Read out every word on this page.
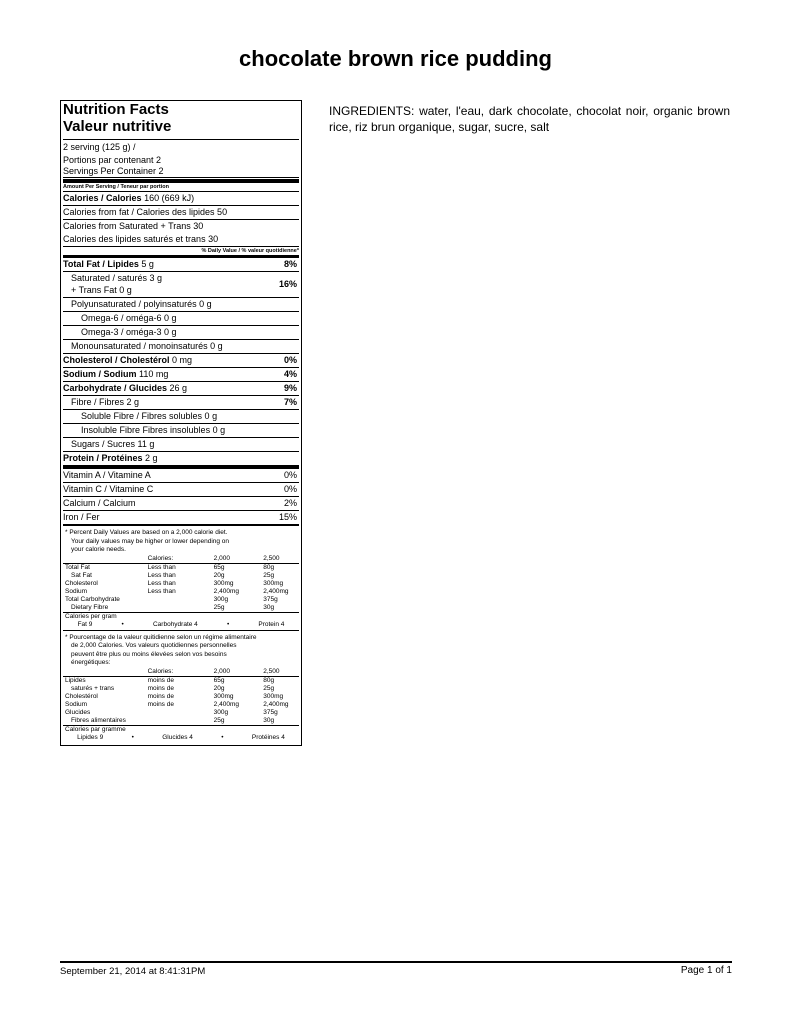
chocolate brown rice pudding
Nutrition Facts
Valeur nutritive
2 serving (125 g) /
Portions par contenant 2
Servings Per Container 2
Amount Per Serving / Teneur par portion
Calories / Calories 160 (669 kJ)
Calories from fat / Calories des lipides 50
Calories from Saturated + Trans 30
Calories des lipides saturés et trans 30
% Daily Value / % valeur quotidienne*
Total Fat / Lipides 5 g	8%
Saturated / saturés 3 g
+ Trans Fat 0 g
16%
Polyunsaturated / polyinsaturés 0 g
Omega-6 / oméga-6 0 g
Omega-3 / oméga-3 0 g
Monounsaturated / monoinsaturés 0 g
Cholesterol / Cholestérol 0 mg	0%
Sodium / Sodium 110 mg	4%
Carbohydrate / Glucides 26 g	9%
Fibre / Fibres 2 g	7%
Soluble Fibre / Fibres solubles 0 g
Insoluble Fibre Fibres insolubles 0 g
Sugars / Sucres 11 g
Protein / Protéines 2 g
Vitamin A / Vitamine A	0%
Vitamin C / Vitamine C	0%
Calcium / Calcium	2%
Iron / Fer	15%
* Percent Daily Values are based on a 2,000 calorie diet.
Your daily values may be higher or lower depending on
your calorie needs.
	Calories:	2,000	2,500
Total Fat	Less than	65g	80g
Sat Fat	Less than	20g	25g
Cholesterol	Less than	300mg	300mg
Sodium	Less than	2,400mg	2,400mg
Total Carbohydrate		300g	375g
Dietary Fibre		25g	30g
Calories per gram
Fat 9	•	Carbohydrate 4	•	Protein 4
* Pourcentage de la valeur quitidienne selon un régime alimentaire
de 2,000 Calories. Vos valeurs quotidiennes personnelles
peuvent être plus ou moins élevées selon vos besoins
énergétiques:
	Calories:	2,000	2,500
Lipides	moins de	65g	80g
saturés + trans	moins de	20g	25g
Cholestérol	moins de	300mg	300mg
Sodium	moins de	2,400mg	2,400mg
Glucides		300g	375g
Fibres alimentaires		25g	30g
Calories par gramme
Lipides 9	•	Glucides 4	•	Protéines 4
INGREDIENTS: water, l'eau, dark chocolate, chocolat noir, organic brown rice, riz brun organique, sugar, sucre, salt
September 21, 2014 at 8:41:31PM	Page 1 of 1
